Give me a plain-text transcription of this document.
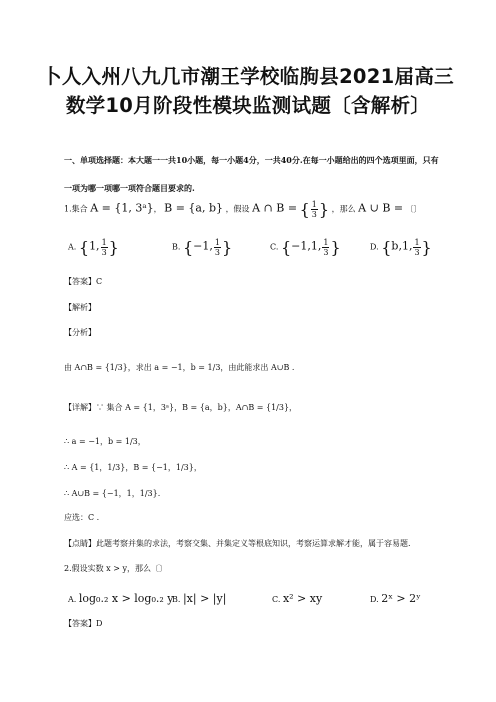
卜人入州八九几市潮王学校临朐县2021届高三数学10月阶段性模块监测试题〔含解析〕
一、单项选择题：本大题一一共10小题，每一小题4分，一共40分.在每一小题给出的四个选项里面，只有一项为哪一项哪一项符合题目要求的.
1.集合 A = {1, 3ᵃ}， B = {a, b} ，假设 A ∩ B = { $\frac{1}{3}$ } ，那么 A ∪ B = 〔〕
A. {1, $\frac{1}{3}$ }	B. {−1, $\frac{1}{3}$ }	C. {−1,1, $\frac{1}{3}$ }	D. {b,1, $\frac{1}{3}$ }
【答案】C
【解析】
【分析】
由 A∩B = {1/3}，求出 a = −1，b = 1/3，由此能求出 A∪B .
【详解】∵ 集合 A = {1，3ᵃ}，B = {a，b}，A∩B = {1/3}，
∴ a = −1，b = 1/3，
∴ A = {1，1/3}，B = {−1，1/3}，
∴ A∪B = {−1，1，1/3}.
应选：C .
【点睛】此题考察并集的求法，考察交集、并集定义等根底知识，考察运算求解才能，属于容易题.
2.假设实数 x > y，那么〔〕
A. log₀.₂ x > log₀.₂ y
B. |x| > |y|	C. x² > xy	D. 2ˣ > 2ʸ
【答案】D
